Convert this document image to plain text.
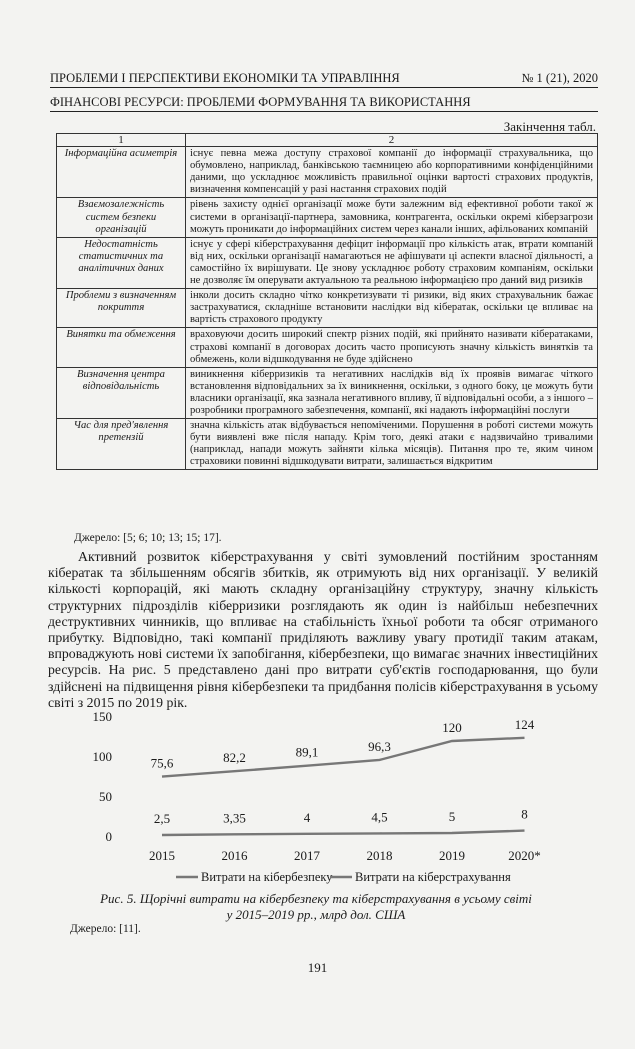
ПРОБЛЕМИ І ПЕРСПЕКТИВИ ЕКОНОМІКИ ТА УПРАВЛІННЯ	№ 1 (21), 2020
ФІНАНСОВІ РЕСУРСИ: ПРОБЛЕМИ ФОРМУВАННЯ ТА ВИКОРИСТАННЯ
Закінчення табл.
1	2
Інформаційна асиметрія	існує певна межа доступу страхової компанії до інформації страхувальника, що обумовлено, наприклад, банківською таємницею або корпоративними конфіденційними даними, що ускладнює можливість правильної оцінки вартості страхових продуктів, визначення компенсацій у разі настання страхових подій
Взаємозалежність систем безпеки організацій	рівень захисту однієї організації може бути залежним від ефективної роботи такої ж системи в організації-партнера, замовника, контрагента, оскільки окремі кіберзагрози можуть проникати до інформаційних систем через канали інших, афільованих компаній
Недостатність статистичних та аналітичних даних	існує у сфері кіберстрахування дефіцит інформації про кількість атак, втрати компаній від них, оскільки організації намагаються не афішувати ці аспекти власної діяльності, а самостійно їх вирішувати. Це знову ускладнює роботу страховим компаніям, оскільки не дозволяє їм оперувати актуальною та реальною інформацією про даний вид ризиків
Проблеми з визначенням покриття	інколи досить складно чітко конкретизувати ті ризики, від яких страхувальник бажає застрахуватися, складніше встановити наслідки від кібератак, оскільки це впливає на вартість страхового продукту
Винятки та обмеження	враховуючи досить широкий спектр різних подій, які прийнято називати кібератаками, страхові компанії в договорах досить часто прописують значну кількість винятків та обмежень, коли відшкодування не буде здійснено
Визначення центра відповідальність	виникнення кіберризиків та негативних наслідків від їх проявів вимагає чіткого встановлення відповідальних за їх виникнення, оскільки, з одного боку, це можуть бути власники організації, яка зазнала негативного впливу, її відповідальні особи, а з іншого – розробники програмного забезпечення, компанії, які надають інформаційні послуги
Час для пред'явлення претензій	значна кількість атак відбувається непоміченими. Порушення в роботі системи можуть бути виявлені вже після нападу. Крім того, деякі атаки є надзвичайно тривалими (наприклад, напади можуть зайняти кілька місяців). Питання про те, яким чином страховики повинні відшкодувати витрати, залишається відкритим
Джерело: [5; 6; 10; 13; 15; 17].
Активний розвиток кіберстрахування у світі зумовлений постійним зростанням кібератак та збільшенням обсягів збитків, як отримують від них організації. У великій кількості корпорацій, які мають складну організаційну структуру, значну кількість структурних підрозділів кіберризики розглядають як один із найбільш небезпечних деструктивних чинників, що впливає на стабільність їхньої роботи та обсяг отриманого прибутку. Відповідно, такі компанії приділяють важливу увагу протидії таким атакам, впроваджують нові системи їх запобігання, кібербезпеки, що вимагає значних інвестиційних ресурсів. На рис. 5 представлено дані про витрати суб'єктів господарювання, що були здійснені на підвищення рівня кібербезпеки та придбання полісів кіберстрахування в усьому світі з 2015 по 2019 рік.
0
50
100
150
2015	2016	2017	2018	2019	2020*
75,6	82,2	89,1	96,3
120	124
2,5	3,35	4	4,5	5	8
Витрати на кібербезпеку Витрати на кіберстрахування
Рис. 5. Щорічні витрати на кібербезпеку та кіберстрахування в усьому світі
у 2015–2019 рр., млрд дол. США
Джерело: [11].
191
